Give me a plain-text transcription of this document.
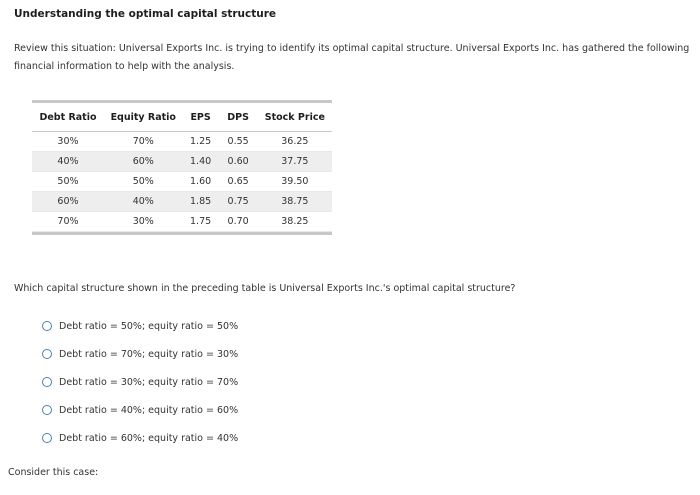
Understanding the optimal capital structure
Review this situation: Universal Exports Inc. is trying to identify its optimal capital structure. Universal Exports Inc. has gathered the following financial information to help with the analysis.
Debt Ratio	Equity Ratio	EPS	DPS	Stock Price
30%	70%	1.25	0.55	36.25
40%	60%	1.40	0.60	37.75
50%	50%	1.60	0.65	39.50
60%	40%	1.85	0.75	38.75
70%	30%	1.75	0.70	38.25
Which capital structure shown in the preceding table is Universal Exports Inc.'s optimal capital structure?
Debt ratio = 50%; equity ratio = 50%
Debt ratio = 70%; equity ratio = 30%
Debt ratio = 30%; equity ratio = 70%
Debt ratio = 40%; equity ratio = 60%
Debt ratio = 60%; equity ratio = 40%
Consider this case:
